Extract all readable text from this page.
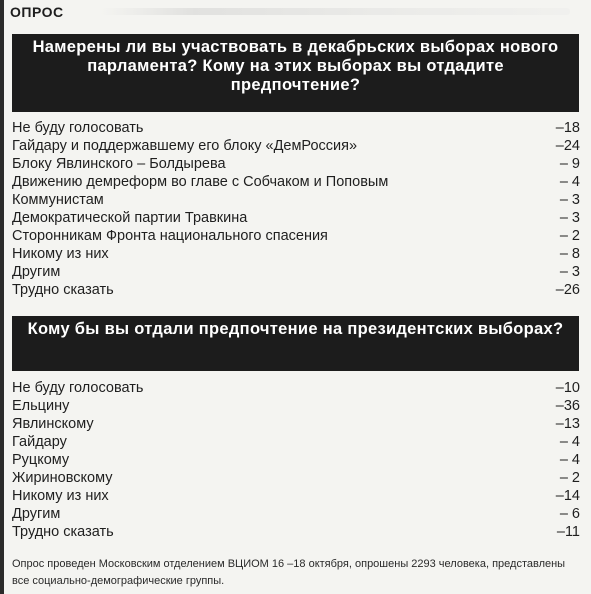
ОПРОС
Намерены ли вы участвовать в декабрьских выборах нового парламента? Кому на этих выборах вы отдадите предпочтение?
Не буду голосовать	–18
Гайдару и поддержавшему его блоку «ДемРоссия»	–24
Блоку Явлинского – Болдырева	– 9
Движению демреформ во главе с Собчаком и Поповым	– 4
Коммунистам	– 3
Демократической партии Травкина	– 3
Сторонникам Фронта национального спасения	– 2
Никому из них	– 8
Другим	– 3
Трудно сказать	–26
Кому бы вы отдали предпочтение на президентских выборах?
Не буду голосовать	–10
Ельцину	–36
Явлинскому	–13
Гайдару	– 4
Руцкому	– 4
Жириновскому	– 2
Никому из них	–14
Другим	– 6
Трудно сказать	–11

Опрос проведен Московским отделением ВЦИОМ 16 –18 октября, опрошены 2293 человека, представлены все социально-демографические группы.
